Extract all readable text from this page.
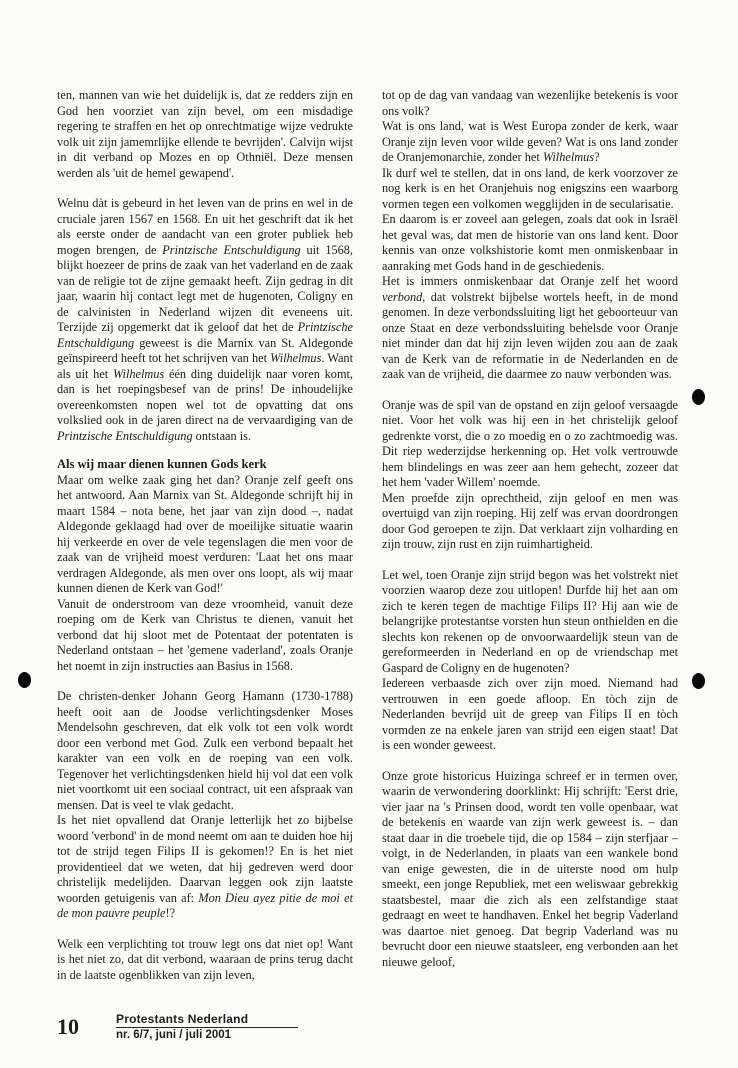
ten, mannen van wie het duidelijk is, dat ze redders zijn en God hen voorziet van zijn bevel, om een misdadige regering te straffen en het op onrechtmatige wijze vedrukte volk uit zijn jamemrlijke ellende te bevrijden'. Calvijn wijst in dit verband op Mozes en op Othniël. Deze mensen werden als 'uit de hemel gewapend'.

Welnu dàt is gebeurd in het leven van de prins en wel in de cruciale jaren 1567 en 1568. En uit het geschrift dat ik het als eerste onder de aandacht van een groter publiek heb mogen brengen, de Printzische Entschuldigung uit 1568, blijkt hoezeer de prins de zaak van het vaderland en de zaak van de religie tot de zijne gemaakt heeft. Zijn gedrag in dit jaar, waarin hij contact legt met de hugenoten, Coligny en de calvinisten in Nederland wijzen dit eveneens uit. Terzijde zij opgemerkt dat ik geloof dat het de Printzische Entschuldigung geweest is die Marnix van St. Aldegonde geïnspireerd heeft tot het schrijven van het Wilhelmus. Want als uit het Wilhelmus één ding duidelijk naar voren komt, dan is het roepingsbesef van de prins! De inhoudelijke overeenkomsten nopen wel tot de opvatting dat ons volkslied ook in de jaren direct na de vervaardiging van de Printzische Entschuldigung ontstaan is.

Als wij maar dienen kunnen Gods kerk

Maar om welke zaak ging het dan? Oranje zelf geeft ons het antwoord. Aan Marnix van St. Aldegonde schrijft hij in maart 1584 – nota bene, het jaar van zijn dood –, nadat Aldegonde geklaagd had over de moeilijke situatie waarin hij verkeerde en over de vele tegenslagen die men voor de zaak van de vrijheid moest verduren: 'Laat het ons maar verdragen Aldegonde, als men over ons loopt, als wij maar kunnen dienen de Kerk van God!'

Vanuit de onderstroom van deze vroomheid, vanuit deze roeping om de Kerk van Christus te dienen, vanuit het verbond dat hij sloot met de Potentaat der potentaten is Nederland ontstaan – het 'gemene vaderland', zoals Oranje het noemt in zijn instructies aan Basius in 1568.

De christen-denker Johann Georg Hamann (1730-1788) heeft ooit aan de Joodse verlichtingsdenker Moses Mendelsohn geschreven, dat elk volk tot een volk wordt door een verbond met God. Zulk een verbond bepaalt het karakter van een volk en de roeping van een volk. Tegenover het verlichtingsdenken hield hij vol dat een volk niet voortkomt uit een sociaal contract, uit een afspraak van mensen. Dat is veel te vlak gedacht.

Is het niet opvallend dat Oranje letterlijk het zo bijbelse woord 'verbond' in de mond neemt om aan te duiden hoe hij tot de strijd tegen Filips II is gekomen!? En is het niet providentieel dat we weten, dat hij gedreven werd door christelijk medelijden. Daarvan leggen ook zijn laatste woorden getuigenis van af: Mon Dieu ayez pitie de moi et de mon pauvre peuple!?

Welk een verplichting tot trouw legt ons dat niet op! Want is het niet zo, dat dit verbond, waaraan de prins terug dacht in de laatste ogenblikken van zijn leven,

tot op de dag van vandaag van wezenlijke betekenis is voor ons volk?

Wat is ons land, wat is West Europa zonder de kerk, waar Oranje zijn leven voor wilde geven? Wat is ons land zonder de Oranjemonarchie, zonder het Wilhelmus?

Ik durf wel te stellen, dat in ons land, de kerk voorzover ze nog kerk is en het Oranjehuis nog enigszins een waarborg vormen tegen een volkomen wegglijden in de secularisatie.

En daarom is er zoveel aan gelegen, zoals dat ook in Israël het geval was, dat men de historie van ons land kent. Door kennis van onze volkshistorie komt men onmiskenbaar in aanraking met Gods hand in de geschiedenis.

Het is immers onmiskenbaar dat Oranje zelf het woord verbond, dat volstrekt bijbelse wortels heeft, in de mond genomen. In deze verbondssluiting ligt het geboorteuur van onze Staat en deze verbondssluiting behelsde voor Oranje niet minder dan dat hij zijn leven wijden zou aan de zaak van de Kerk van de reformatie in de Nederlanden en de zaak van de vrijheid, die daarmee zo nauw verbonden was.

Oranje was de spil van de opstand en zijn geloof versaagde niet. Voor het volk was hij een in het christelijk geloof gedrenkte vorst, die o zo moedig en o zo zachtmoedig was. Dit riep wederzijdse herkenning op. Het volk vertrouwde hem blindelings en was zeer aan hem gehecht, zozeer dat het hem 'vader Willem' noemde.

Men proefde zijn oprechtheid, zijn geloof en men was overtuigd van zijn roeping. Hij zelf was ervan doordrongen door God geroepen te zijn. Dat verklaart zijn volharding en zijn trouw, zijn rust en zijn ruimhartigheid.

Let wel, toen Oranje zijn strijd begon was het volstrekt niet voorzien waarop deze zou uitlopen! Durfde hij het aan om zich te keren tegen de machtige Filips II? Hij aan wie de belangrijke protestantse vorsten hun steun onthielden en die slechts kon rekenen op de onvoorwaardelijk steun van de gereformeerden in Nederland en op de vriendschap met Gaspard de Coligny en de hugenoten?

Iedereen verbaasde zich over zijn moed. Niemand had vertrouwen in een goede afloop. En tòch zijn de Nederlanden bevrijd uit de greep van Filips II en tòch vormden ze na enkele jaren van strijd een eigen staat! Dat is een wonder geweest.

Onze grote historicus Huizinga schreef er in termen over, waarin de verwondering doorklinkt: Hij schrijft: 'Eerst drie, vier jaar na 's Prinsen dood, wordt ten volle openbaar, wat de betekenis en waarde van zijn werk geweest is. – dan staat daar in die troebele tijd, die op 1584 – zijn sterfjaar – volgt, in de Nederlanden, in plaats van een wankele bond van enige gewesten, die in de uiterste nood om hulp smeekt, een jonge Republiek, met een weliswaar gebrekkig staatsbestel, maar die zich als een zelfstandige staat gedraagt en weet te handhaven. Enkel het begrip Vaderland was daartoe niet genoeg. Dat begrip Vaderland was nu bevrucht door een nieuwe staatsleer, eng verbonden aan het nieuwe geloof,

10	Protestants Nederland
nr. 6/7, juni / juli 2001
